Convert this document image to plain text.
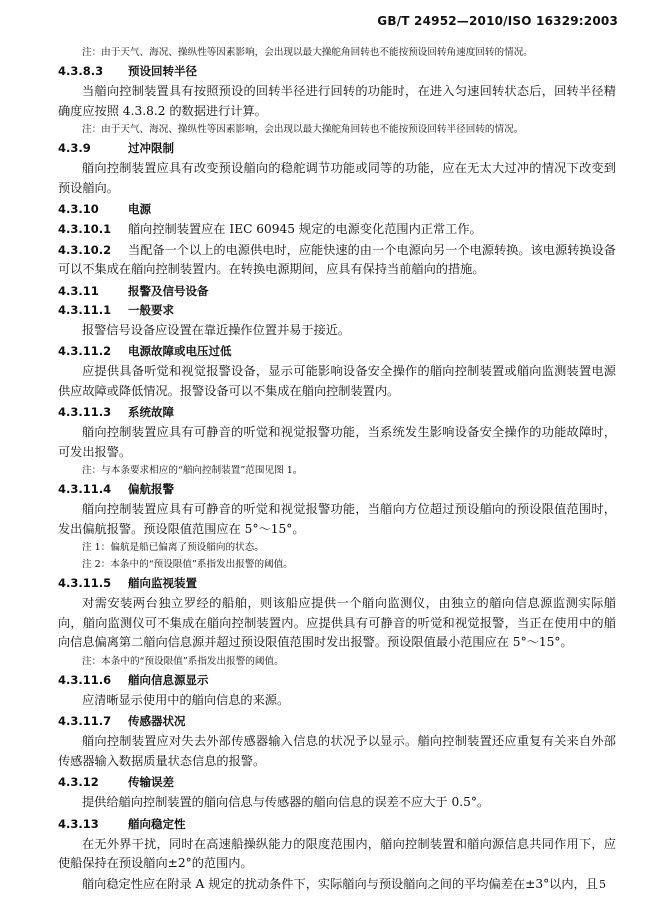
GB/T 24952—2010/ISO 16329:2003

注：由于天气、海况、操纵性等因素影响，会出现以最大操舵角回转也不能按预设回转角速度回转的情况。

4.3.8.3 预设回转半径

当艏向控制装置具有按照预设的回转半径进行回转的功能时，在进入匀速回转状态后，回转半径精确度应按照 4.3.8.2 的数据进行计算。

注：由于天气、海况、操纵性等因素影响，会出现以最大操舵角回转也不能按预设回转半径回转的情况。

4.3.9	过冲限制

艏向控制装置应具有改变预设艏向的稳舵调节功能或同等的功能，应在无太大过冲的情况下改变到预设艏向。

4.3.10	电源

4.3.10.1 艏向控制装置应在 IEC 60945 规定的电源变化范围内正常工作。

4.3.10.2 当配备一个以上的电源供电时，应能快速的由一个电源向另一个电源转换。该电源转换设备可以不集成在艏向控制装置内。在转换电源期间，应具有保持当前艏向的措施。

4.3.11	报警及信号设备
4.3.11.1 一般要求

报警信号设备应设置在靠近操作位置并易于接近。

4.3.11.2 电源故障或电压过低

应提供具备听觉和视觉报警设备，显示可能影响设备安全操作的艏向控制装置或艏向监测装置电源供应故障或降低情况。报警设备可以不集成在艏向控制装置内。

4.3.11.3 系统故障

艏向控制装置应具有可静音的听觉和视觉报警功能，当系统发生影响设备安全操作的功能故障时，可发出报警。

注：与本条要求相应的“艏向控制装置”范围见图 1。

4.3.11.4 偏航报警

艏向控制装置应具有可静音的听觉和视觉报警功能，当艏向方位超过预设艏向的预设限值范围时，发出偏航报警。预设限值范围应在 5°～15°。

注 1：偏航是船已偏离了预设艏向的状态。

注 2：本条中的“预设限值”系指发出报警的阈值。

4.3.11.5 艏向监视装置

对需安装两台独立罗经的船舶，则该船应提供一个艏向监测仪，由独立的艏向信息源监测实际艏向，艏向监测仪可不集成在艏向控制装置内。应提供具有可静音的听觉和视觉报警，当正在使用中的艏向信息偏离第二艏向信息源并超过预设限值范围时发出报警。预设限值最小范围应在 5°～15°。

注：本条中的“预设限值”系指发出报警的阈值。

4.3.11.6 艏向信息源显示

应清晰显示使用中的艏向信息的来源。

4.3.11.7 传感器状况

艏向控制装置应对失去外部传感器输入信息的状况予以显示。艏向控制装置还应重复有关来自外部传感器输入数据质量状态信息的报警。

4.3.12	传输误差

提供给艏向控制装置的艏向信息与传感器的艏向信息的误差不应大于 0.5°。

4.3.13	艏向稳定性

在无外界干扰，同时在高速船操纵能力的限度范围内，艏向控制装置和艏向源信息共同作用下，应使船保持在预设艏向±2°的范围内。

艏向稳定性应在附录 A 规定的扰动条件下，实际艏向与预设艏向之间的平均偏差在±3°以内，且 5
